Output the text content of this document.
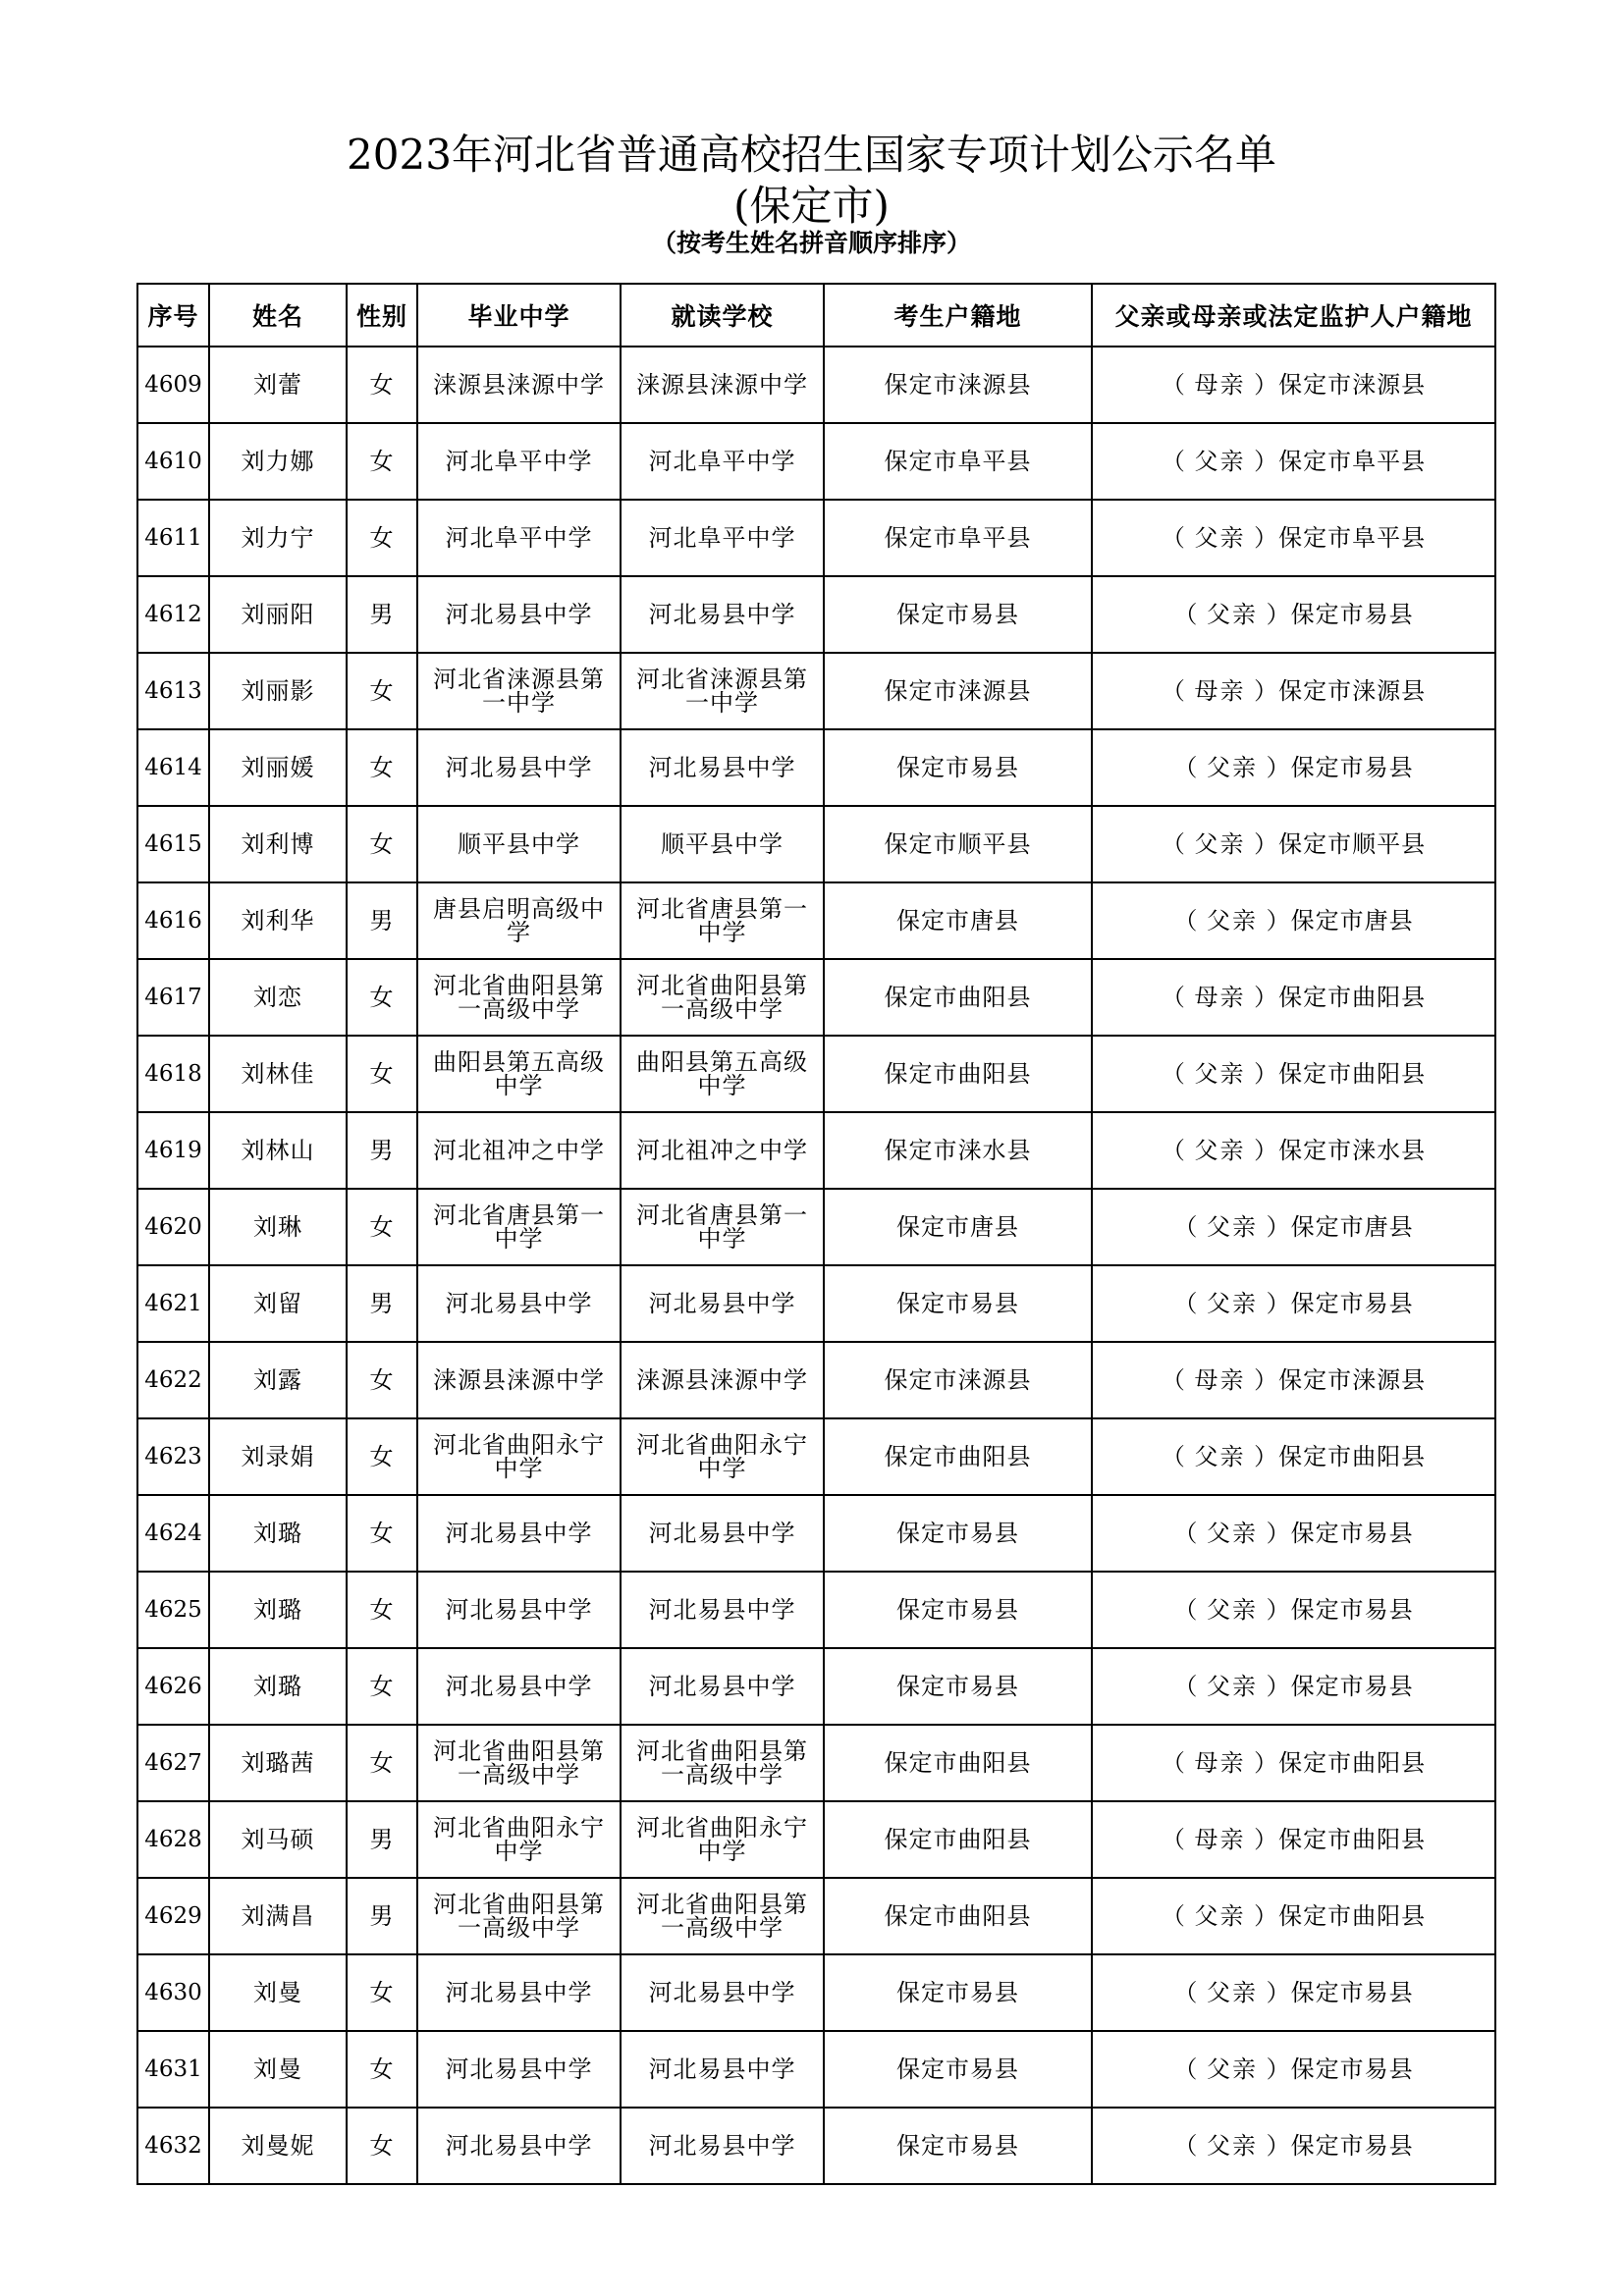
2023年河北省普通高校招生国家专项计划公示名单
(保定市)
（按考生姓名拼音顺序排序）
序号	姓名	性别	毕业中学	就读学校	考生户籍地	父亲或母亲或法定监护人户籍地
4609	刘蕾	女	涞源县涞源中学	涞源县涞源中学	保定市涞源县	（ 母亲 ）保定市涞源县
4610	刘力娜	女	河北阜平中学	河北阜平中学	保定市阜平县	（ 父亲 ）保定市阜平县
4611	刘力宁	女	河北阜平中学	河北阜平中学	保定市阜平县	（ 父亲 ）保定市阜平县
4612	刘丽阳	男	河北易县中学	河北易县中学	保定市易县	（ 父亲 ）保定市易县
4613	刘丽影	女	河北省涞源县第一中学	河北省涞源县第一中学	保定市涞源县	（ 母亲 ）保定市涞源县
4614	刘丽媛	女	河北易县中学	河北易县中学	保定市易县	（ 父亲 ）保定市易县
4615	刘利博	女	顺平县中学	顺平县中学	保定市顺平县	（ 父亲 ）保定市顺平县
4616	刘利华	男	唐县启明高级中学	河北省唐县第一中学	保定市唐县	（ 父亲 ）保定市唐县
4617	刘恋	女	河北省曲阳县第一高级中学	河北省曲阳县第一高级中学	保定市曲阳县	（ 母亲 ）保定市曲阳县
4618	刘林佳	女	曲阳县第五高级中学	曲阳县第五高级中学	保定市曲阳县	（ 父亲 ）保定市曲阳县
4619	刘林山	男	河北祖冲之中学	河北祖冲之中学	保定市涞水县	（ 父亲 ）保定市涞水县
4620	刘琳	女	河北省唐县第一中学	河北省唐县第一中学	保定市唐县	（ 父亲 ）保定市唐县
4621	刘留	男	河北易县中学	河北易县中学	保定市易县	（ 父亲 ）保定市易县
4622	刘露	女	涞源县涞源中学	涞源县涞源中学	保定市涞源县	（ 母亲 ）保定市涞源县
4623	刘录娟	女	河北省曲阳永宁中学	河北省曲阳永宁中学	保定市曲阳县	（ 父亲 ）保定市曲阳县
4624	刘璐	女	河北易县中学	河北易县中学	保定市易县	（ 父亲 ）保定市易县
4625	刘璐	女	河北易县中学	河北易县中学	保定市易县	（ 父亲 ）保定市易县
4626	刘璐	女	河北易县中学	河北易县中学	保定市易县	（ 父亲 ）保定市易县
4627	刘璐茜	女	河北省曲阳县第一高级中学	河北省曲阳县第一高级中学	保定市曲阳县	（ 母亲 ）保定市曲阳县
4628	刘马硕	男	河北省曲阳永宁中学	河北省曲阳永宁中学	保定市曲阳县	（ 母亲 ）保定市曲阳县
4629	刘满昌	男	河北省曲阳县第一高级中学	河北省曲阳县第一高级中学	保定市曲阳县	（ 父亲 ）保定市曲阳县
4630	刘曼	女	河北易县中学	河北易县中学	保定市易县	（ 父亲 ）保定市易县
4631	刘曼	女	河北易县中学	河北易县中学	保定市易县	（ 父亲 ）保定市易县
4632	刘曼妮	女	河北易县中学	河北易县中学	保定市易县	（ 父亲 ）保定市易县
